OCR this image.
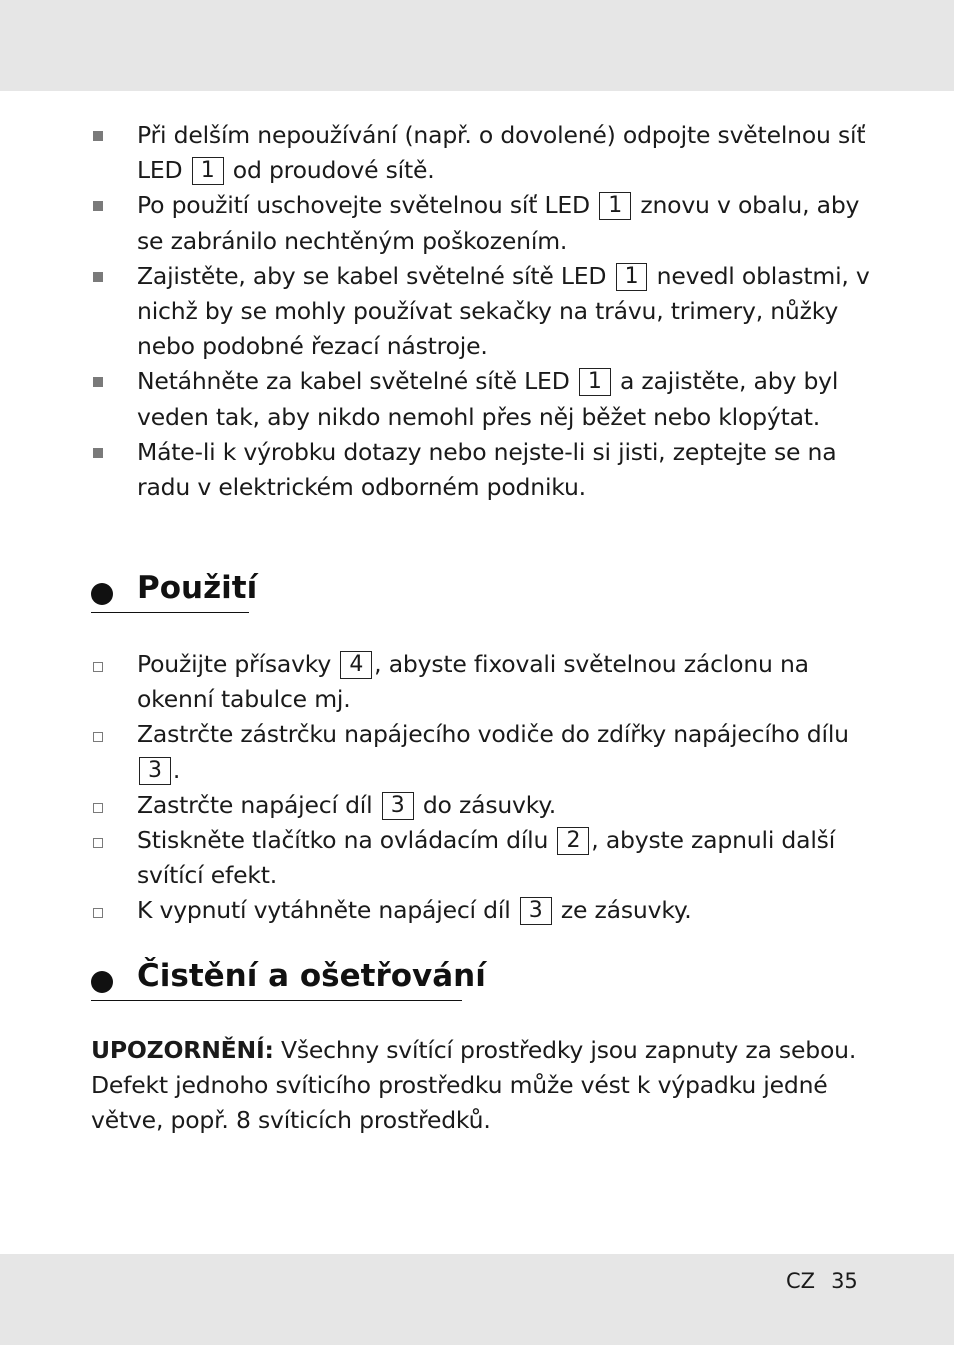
Při delším nepoužívání (např. o dovolené) odpojte světelnou síť LED 1 od proudové sítě.
Po použití uschovejte světelnou síť LED 1 znovu v obalu, aby se zabránilo nechtěným poškozením.
Zajistěte, aby se kabel světelné sítě LED 1 nevedl oblastmi, v nichž by se mohly používat sekačky na trávu, trimery, nůžky nebo podobné řezací nástroje.
Netáhněte za kabel světelné sítě LED 1 a zajistěte, aby byl veden tak, aby nikdo nemohl přes něj běžet nebo klopýtat.
Máte-li k výrobku dotazy nebo nejste-li si jisti, zeptejte se na radu v elektrickém odborném podniku.
Použití
Použijte přísavky 4 , abyste fixovali světelnou záclonu na okenní tabulce mj.
Zastrčte zástrčku napájecího vodiče do zdířky napájecího dílu 3 .
Zastrčte napájecí díl 3 do zásuvky.
Stiskněte tlačítko na ovládacím dílu 2 , abyste zapnuli další svítící efekt.
K vypnutí vytáhněte napájecí díl 3 ze zásuvky.
Čistění a ošetřování

UPOZORNĚNÍ: Všechny svítící prostředky jsou zapnuty za sebou. Defekt jednoho svíticího prostředku může vést k výpadku jedné větve, popř. 8 svíticích prostředků.

CZ 35
